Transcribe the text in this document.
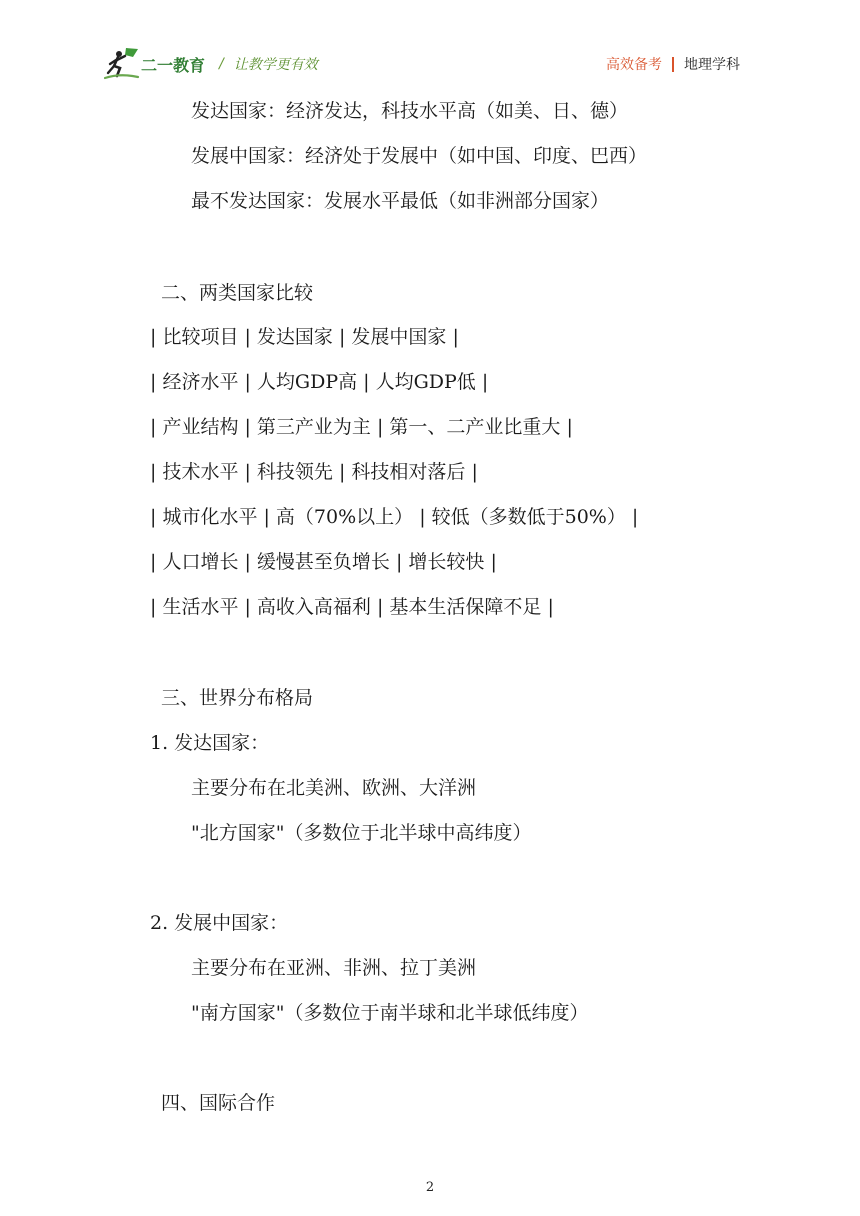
二一教育 / 让教学更有效	高效备考 地理学科
发达国家：经济发达，科技水平高（如美、日、德）
发展中国家：经济处于发展中（如中国、印度、巴西）
最不发达国家：发展水平最低（如非洲部分国家）
二、两类国家比较
| 比较项目 | 发达国家 | 发展中国家 |
| 经济水平 | 人均GDP高 | 人均GDP低 |
| 产业结构 | 第三产业为主 | 第一、二产业比重大 |
| 技术水平 | 科技领先 | 科技相对落后 |
| 城市化水平 | 高（70%以上） | 较低（多数低于50%） |
| 人口增长 | 缓慢甚至负增长 | 增长较快 |
| 生活水平 | 高收入高福利 | 基本生活保障不足 |
三、世界分布格局
1. 发达国家：
主要分布在北美洲、欧洲、大洋洲
"北方国家"（多数位于北半球中高纬度）
2. 发展中国家：
主要分布在亚洲、非洲、拉丁美洲
"南方国家"（多数位于南半球和北半球低纬度）
四、国际合作
2
